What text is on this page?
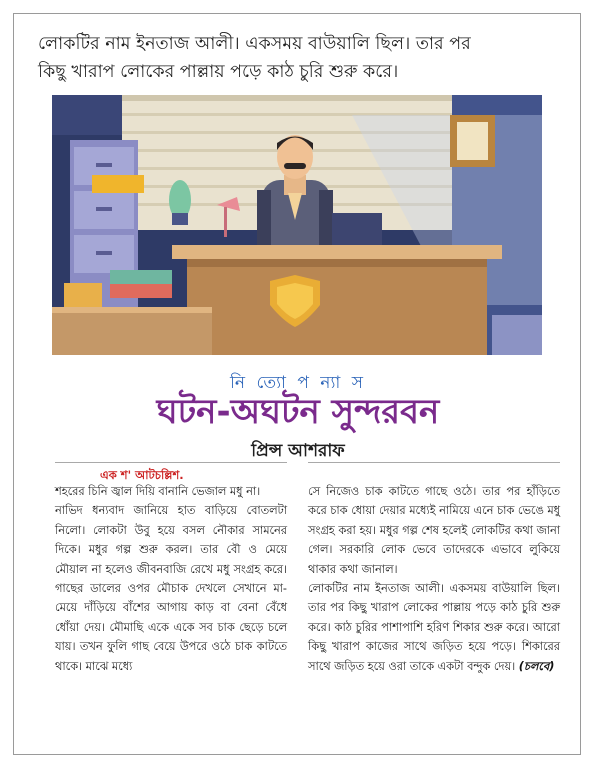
লোকটির নাম ইনতাজ আলী। একসময় বাউয়ালি ছিল। তার পর
কিছু খারাপ লোকের পাল্লায় পড়ে কাঠ চুরি শুরু করে।
নি ত্যো প ন্যা স
ঘটন-অঘটন সুন্দরবন
প্রিন্স আশরাফ
এক শ' আটচল্লিশ.

শহরের চিনি জ্বাল দিয়ি বানানি ভেজাল মধু না।

নাভিদ ধন্যবাদ জানিয়ে হাত বাড়িয়ে বোতলটা নিলো। লোকটা উবু হয়ে বসল নৌকার সামনের দিকে। মধুর গল্প শুরু করল। তার বৌ ও মেয়ে মৌয়াল না হলেও জীবনবাজি রেখে মধু সংগ্রহ করে। গাছের ডালের ওপর মৌচাক দেখলে সেখানে মা-মেয়ে দাঁড়িয়ে বাঁশের আগায় কাড় বা বেনা বেঁধে ধোঁয়া দেয়। মৌমাছি একে একে সব চাক ছেড়ে চলে যায়। তখন ফুলি গাছ বেয়ে উপরে ওঠে চাক কাটতে থাকে। মাঝে মধ্যে

সে নিজেও চাক কাটতে গাছে ওঠে। তার পর হাঁড়িতে করে চাক ধোয়া দেয়ার মধ্যেই নামিয়ে এনে চাক ভেঙে মধু সংগ্রহ করা হয়। মধুর গল্প শেষ হলেই লোকটির কথা জানা গেল। সরকারি লোক ভেবে তাদেরকে এভাবে লুকিয়ে থাকার কথা জানাল।

লোকটির নাম ইনতাজ আলী। একসময় বাউয়ালি ছিল। তার পর কিছু খারাপ লোকের পাল্লায় পড়ে কাঠ চুরি শুরু করে। কাঠ চুরির পাশাপাশি হরিণ শিকার শুরু করে। আরো কিছু খারাপ কাজের সাথে জড়িত হয়ে পড়ে। শিকারের সাথে জড়িত হয়ে ওরা তাকে একটা বন্দুক দেয়। (চলবে)
